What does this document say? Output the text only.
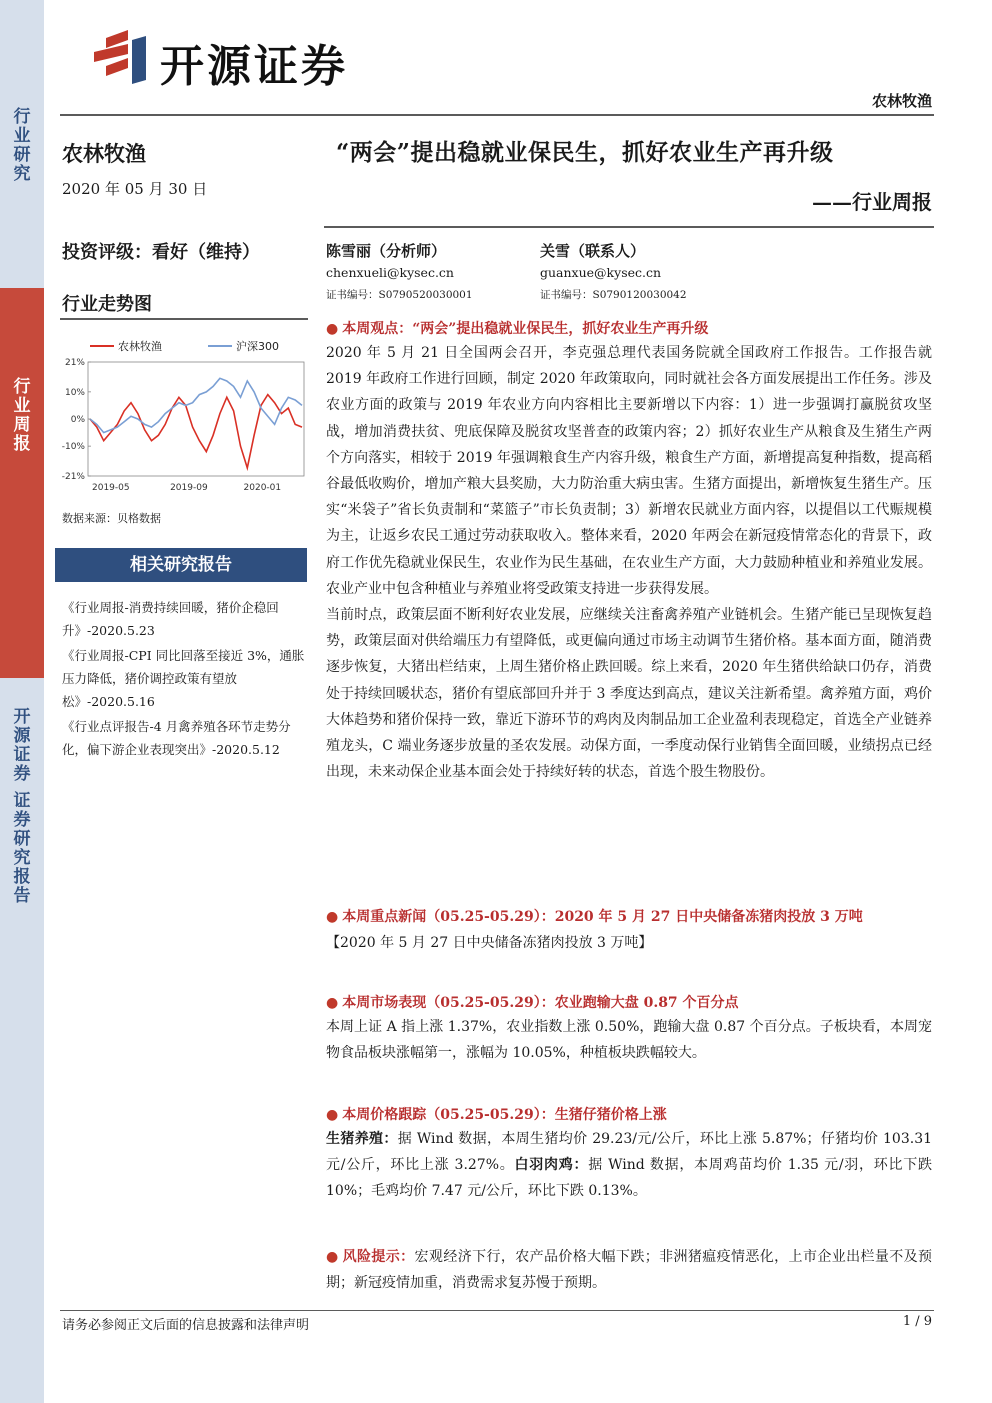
行
业
研
究
行
业
周
报
开
源
证
券
证
券
研
究
报
告
开源证券
农林牧渔
农林牧渔
2020 年 05 月 30 日
投资评级：看好（维持）
行业走势图
农林牧渔	沪深300
21%
10%
0%
-10%
-21%
2019-05	2019-09	2020-01
数据来源：贝格数据
相关研究报告
《行业周报-消费持续回暖，猪价企稳回升》-2020.5.23
《行业周报-CPI 同比回落至接近 3%，通胀压力降低，猪价调控政策有望放松》-2020.5.16
《行业点评报告-4 月禽养殖各环节走势分化，偏下游企业表现突出》-2020.5.12
“两会”提出稳就业保民生，抓好农业生产再升级
——行业周报
陈雪丽（分析师）
chenxueli@kysec.cn
证书编号：S0790520030001
关雪（联系人）
guanxue@kysec.cn
证书编号：S0790120030042
● 本周观点：“两会”提出稳就业保民生，抓好农业生产再升级
2020 年 5 月 21 日全国两会召开，李克强总理代表国务院就全国政府工作报告。工作报告就 2019 年政府工作进行回顾，制定 2020 年政策取向，同时就社会各方面发展提出工作任务。涉及农业方面的政策与 2019 年农业方向内容相比主要新增以下内容：1）进一步强调打赢脱贫攻坚战，增加消费扶贫、兜底保障及脱贫攻坚普查的政策内容；2）抓好农业生产从粮食及生猪生产两个方向落实，相较于 2019 年强调粮食生产内容升级，粮食生产方面，新增提高复种指数，提高稻谷最低收购价，增加产粮大县奖励，大力防治重大病虫害。生猪方面提出，新增恢复生猪生产。压实“米袋子”省长负责制和“菜篮子”市长负责制；3）新增农民就业方面内容，以提倡以工代赈规模为主，让返乡农民工通过劳动获取收入。整体来看，2020 年两会在新冠疫情常态化的背景下，政府工作优先稳就业保民生，农业作为民生基础，在农业生产方面，大力鼓励种植业和养殖业发展。农业产业中包含种植业与养殖业将受政策支持进一步获得发展。
当前时点，政策层面不断利好农业发展，应继续关注畜禽养殖产业链机会。生猪产能已呈现恢复趋势，政策层面对供给端压力有望降低，或更偏向通过市场主动调节生猪价格。基本面方面，随消费逐步恢复，大猪出栏结束，上周生猪价格止跌回暖。综上来看，2020 年生猪供给缺口仍存，消费处于持续回暖状态，猪价有望底部回升并于 3 季度达到高点，建议关注新希望。禽养殖方面，鸡价大体趋势和猪价保持一致，靠近下游环节的鸡肉及肉制品加工企业盈利表现稳定，首选全产业链养殖龙头，C 端业务逐步放量的圣农发展。动保方面，一季度动保行业销售全面回暖，业绩拐点已经出现，未来动保企业基本面会处于持续好转的状态，首选个股生物股份。
● 本周重点新闻（05.25-05.29）：2020 年 5 月 27 日中央储备冻猪肉投放 3 万吨
【2020 年 5 月 27 日中央储备冻猪肉投放 3 万吨】
● 本周市场表现（05.25-05.29）：农业跑输大盘 0.87 个百分点
本周上证 A 指上涨 1.37%，农业指数上涨 0.50%，跑输大盘 0.87 个百分点。子板块看，本周宠物食品板块涨幅第一，涨幅为 10.05%，种植板块跌幅较大。
● 本周价格跟踪（05.25-05.29）：生猪仔猪价格上涨
生猪养殖：据 Wind 数据，本周生猪均价 29.23/元/公斤，环比上涨 5.87%；仔猪均价 103.31 元/公斤，环比上涨 3.27%。白羽肉鸡：据 Wind 数据，本周鸡苗均价 1.35 元/羽，环比下跌 10%；毛鸡均价 7.47 元/公斤，环比下跌 0.13%。
● 风险提示：宏观经济下行，农产品价格大幅下跌；非洲猪瘟疫情恶化，上市企业出栏量不及预期；新冠疫情加重，消费需求复苏慢于预期。
请务必参阅正文后面的信息披露和法律声明	1 / 9
